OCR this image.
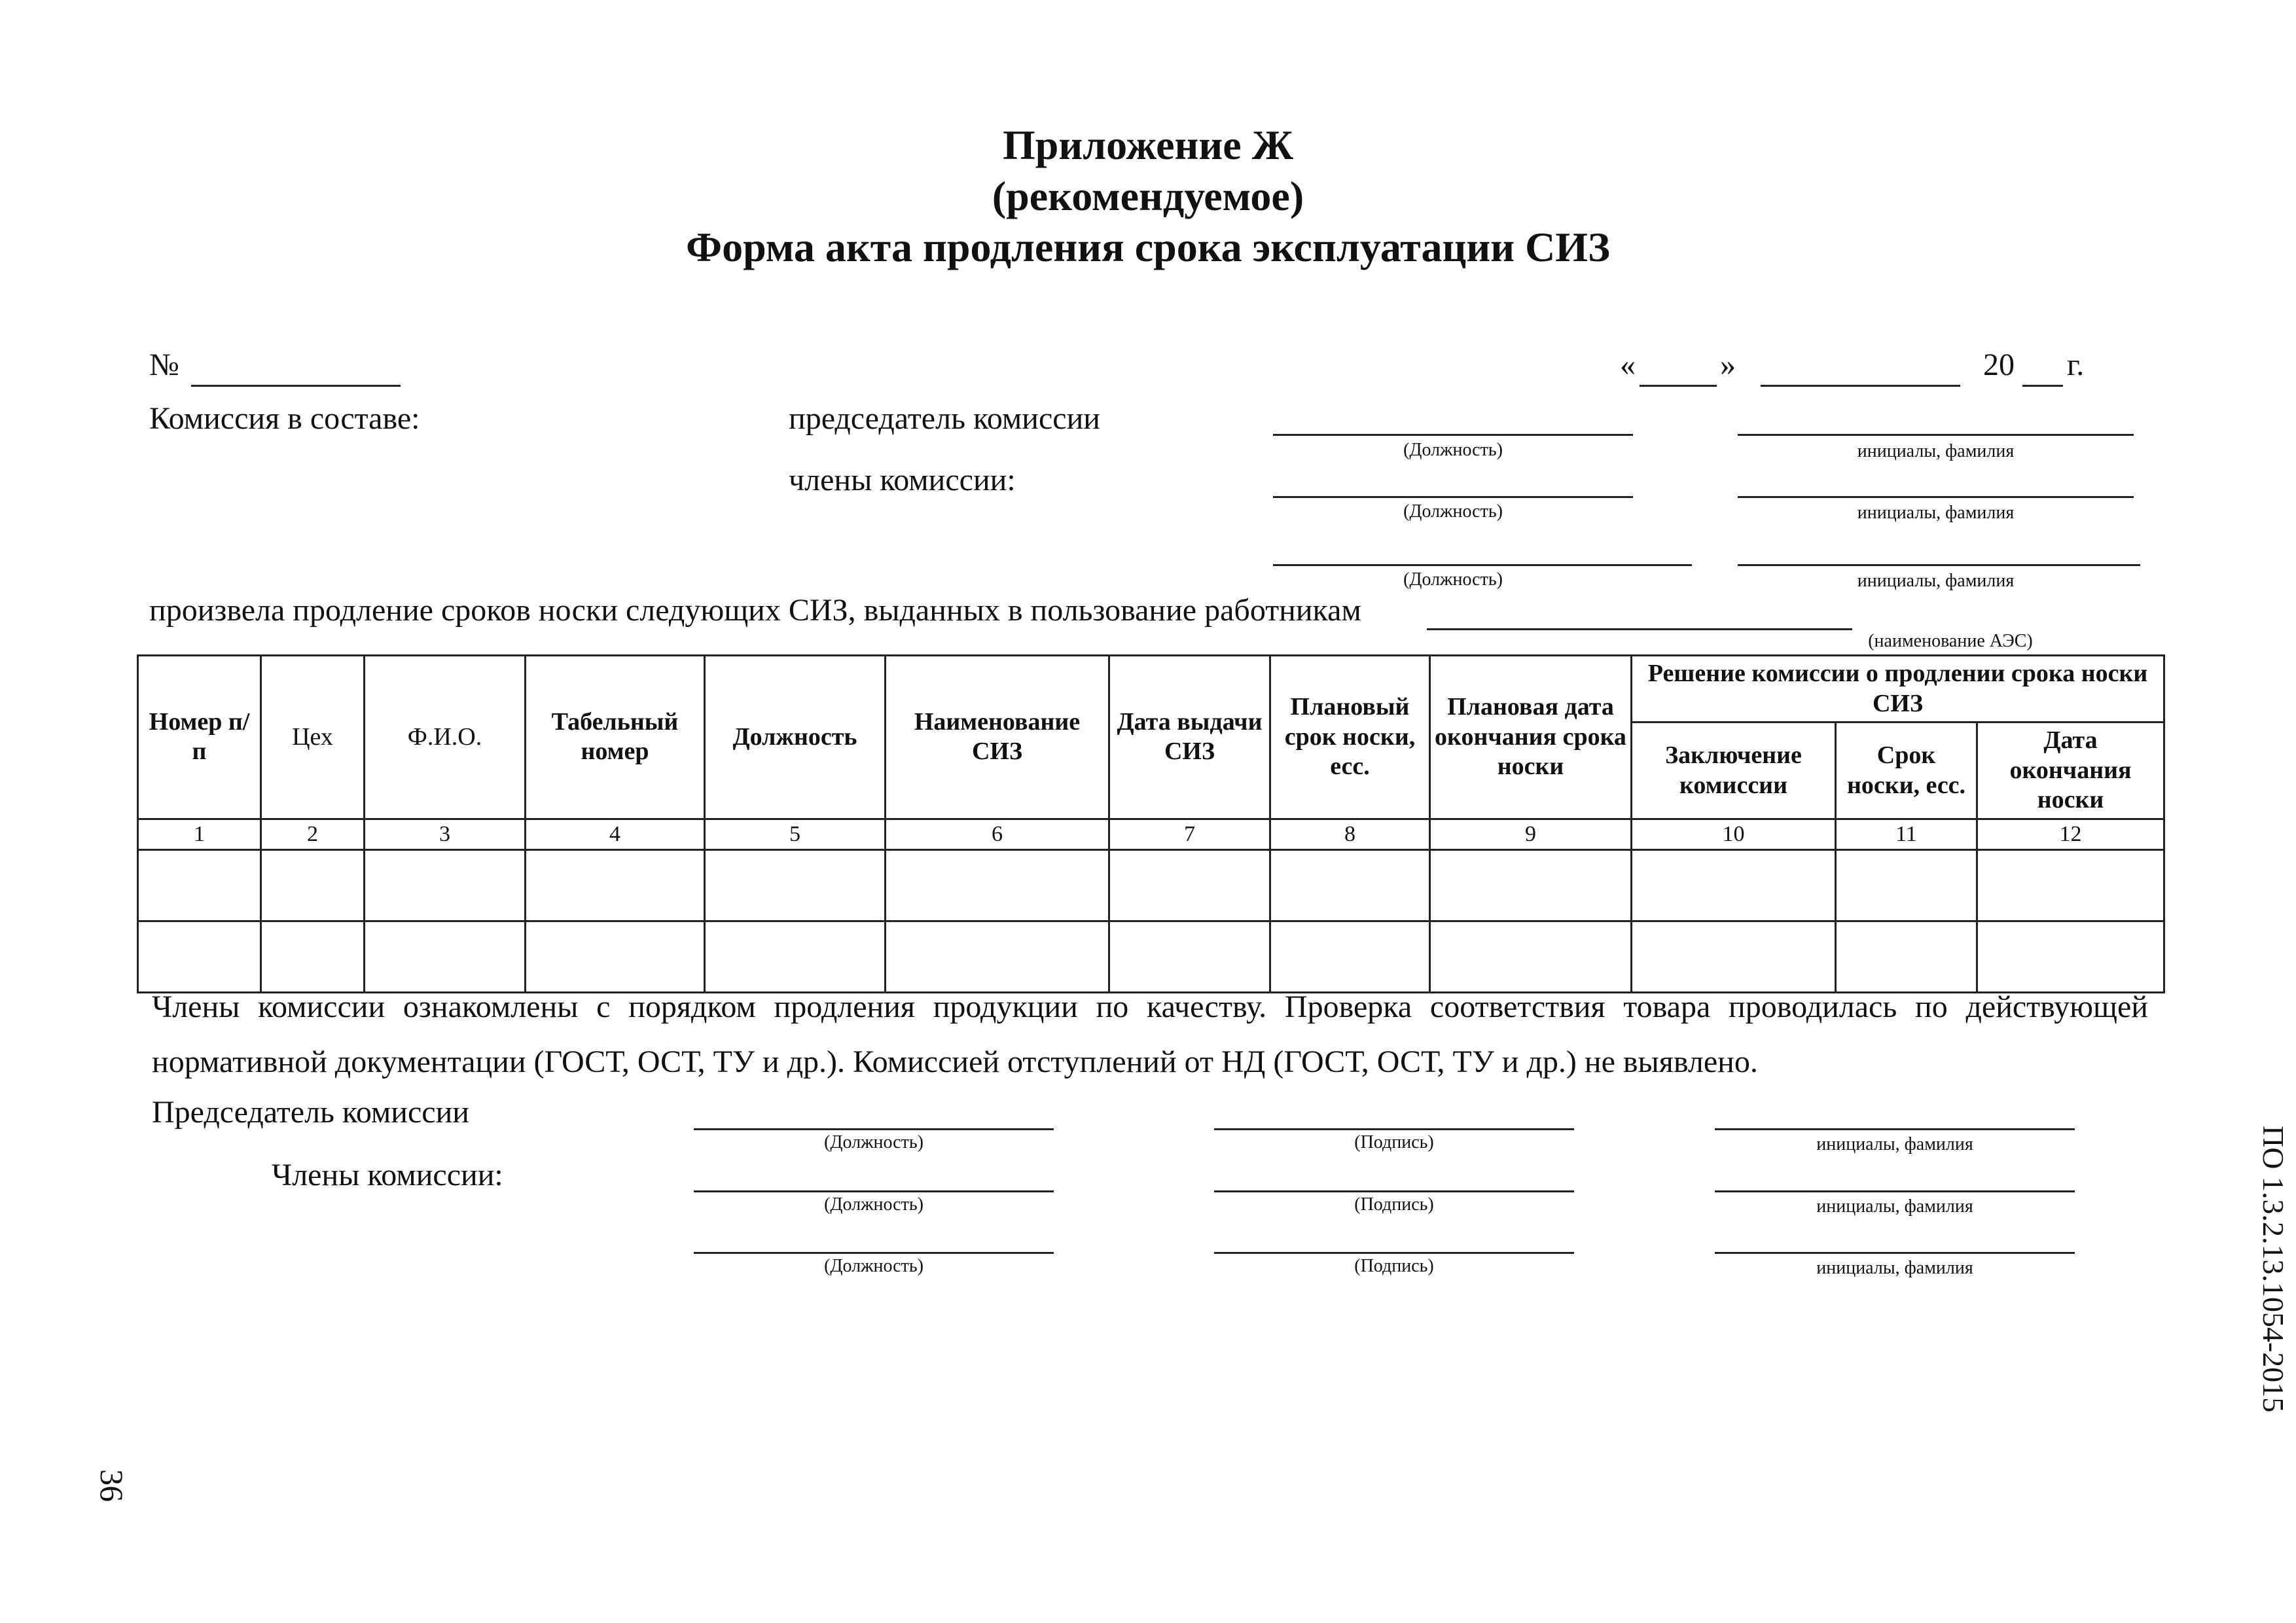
Приложение Ж
(рекомендуемое)
Форма акта продления срока эксплуатации СИЗ
№	«	»	20 г.
Комиссия в составе:	председатель комиссии
члены комиссии:
(Должность)	инициалы, фамилия
(Должность)	инициалы, фамилия
(Должность)	инициалы, фамилия
произвела продление сроков носки следующих СИЗ, выданных в пользование работникам
(наименование АЭС)
Номер п/п	Цех	Ф.И.О.	Табельный номер	Должность	Наименование СИЗ	Дата выдачи СИЗ	Плановый срок носки, есс.	Плановая дата окончания срока носки	Решение комиссии о продлении срока носки СИЗ		
									Заключение комиссии	Срок носки, есс.	Дата окончания носки
1	2	3	4	5	6	7	8	9	10	11	12

Члены комиссии ознакомлены с порядком продления продукции по качеству. Проверка соответствия товара проводилась по действующей
нормативной документации (ГОСТ, ОСТ, ТУ и др.). Комиссией отступлений от НД (ГОСТ, ОСТ, ТУ и др.) не выявлено.
Председатель комиссии
Члены комиссии:
(Должность)	(Подпись)	инициалы, фамилия
(Должность)	(Подпись)	инициалы, фамилия
(Должность)	(Подпись)	инициалы, фамилия	ПО 1.3.2.13.1054-2015
36
